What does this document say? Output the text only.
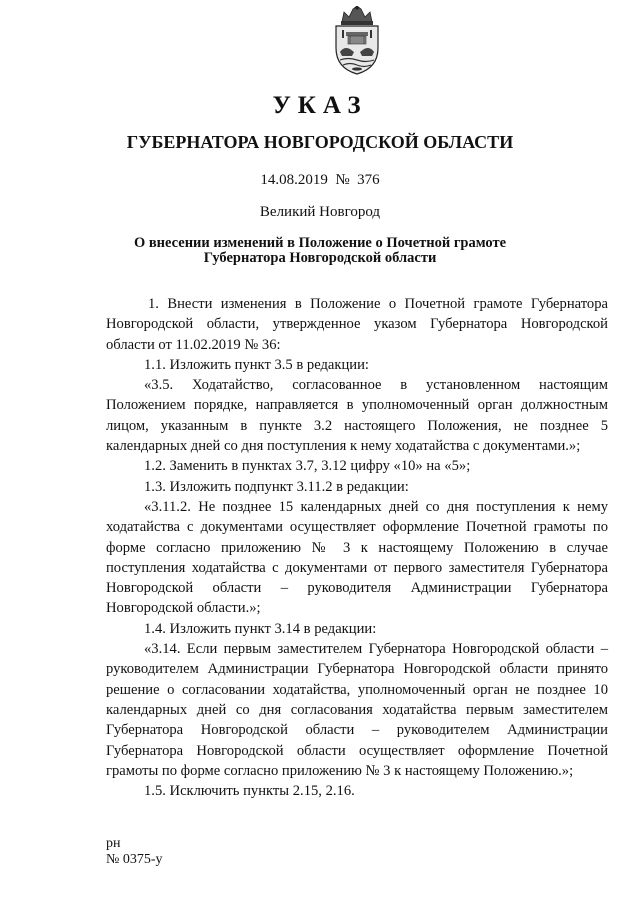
УКАЗ
ГУБЕРНАТОРА НОВГОРОДСКОЙ ОБЛАСТИ
14.08.2019 № 376
Великий Новгород
О внесении изменений в Положение о Почетной грамоте
Губернатора Новгородской области

1. Внести изменения в Положение о Почетной грамоте Губернатора Новгородской области, утвержденное указом Губернатора Новгородской области от 11.02.2019 № 36:

1.1. Изложить пункт 3.5 в редакции:

«3.5. Ходатайство, согласованное в установленном настоящим Положением порядке, направляется в уполномоченный орган должностным лицом, указанным в пункте 3.2 настоящего Положения, не позднее 5 календарных дней со дня поступления к нему ходатайства с документами.»;

1.2. Заменить в пунктах 3.7, 3.12 цифру «10» на «5»;

1.3. Изложить подпункт 3.11.2 в редакции:

«3.11.2. Не позднее 15 календарных дней со дня поступления к нему ходатайства с документами осуществляет оформление Почетной грамоты по форме согласно приложению № 3 к настоящему Положению в случае поступления ходатайства с документами от первого заместителя Губернатора Новгородской области – руководителя Администрации Губернатора Новгородской области.»;

1.4. Изложить пункт 3.14 в редакции:

«3.14. Если первым заместителем Губернатора Новгородской области – руководителем Администрации Губернатора Новгородской области принято решение о согласовании ходатайства, уполномоченный орган не позднее 10 календарных дней со дня согласования ходатайства первым заместителем Губернатора Новгородской области – руководителем Администрации Губернатора Новгородской области осуществляет оформление Почетной грамоты по форме согласно приложению № 3 к настоящему Положению.»;

1.5. Исключить пункты 2.15, 2.16.

рн
№ 0375-у
